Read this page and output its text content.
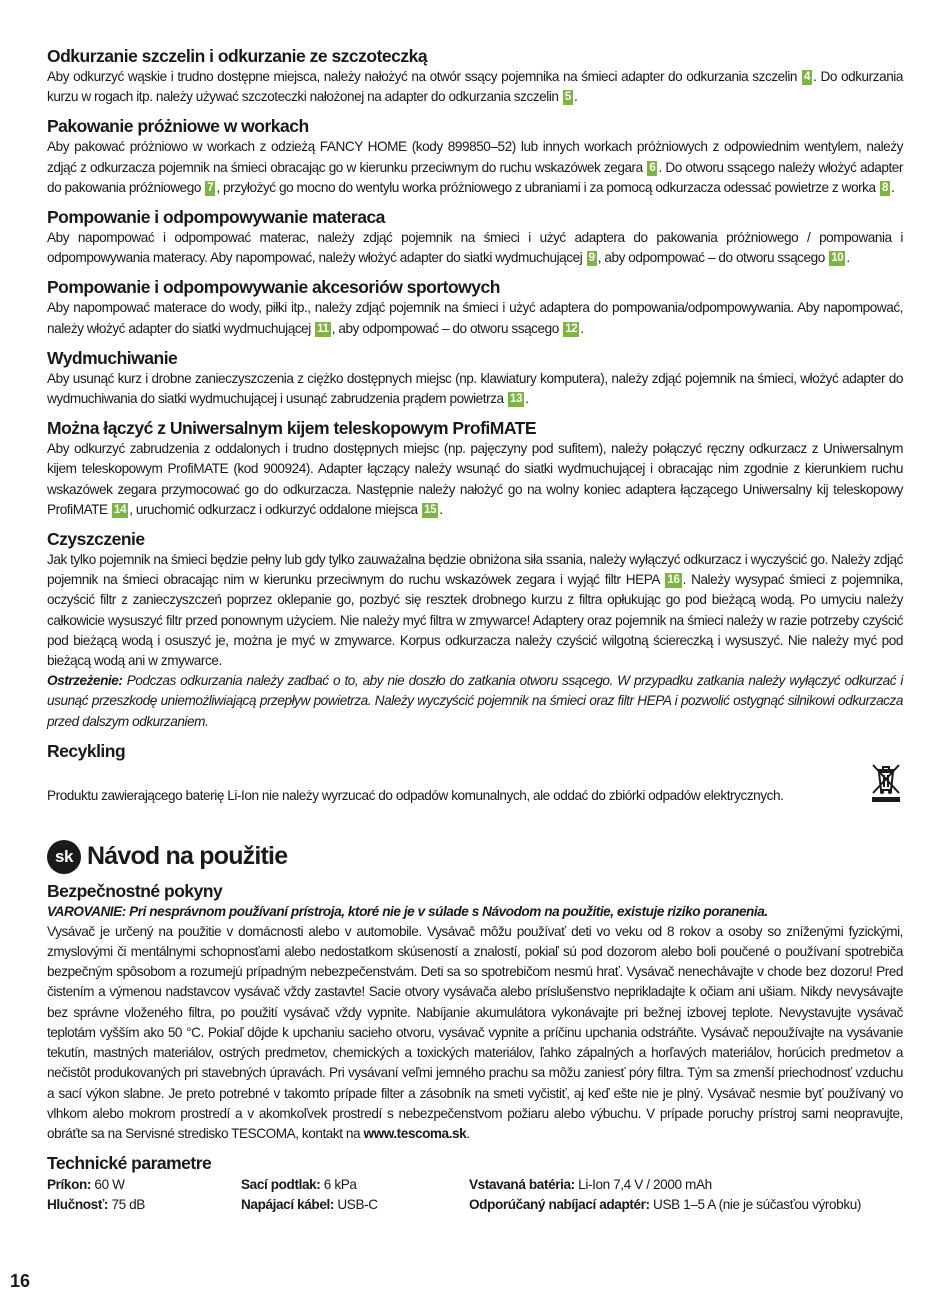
Odkurzanie szczelin i odkurzanie ze szczoteczką

Aby odkurzyć wąskie i trudno dostępne miejsca, należy nałożyć na otwór ssący pojemnika na śmieci adapter do odkurzania szczelin 4 . Do odkurzania kurzu w rogach itp. należy używać szczoteczki nałożonej na adapter do odkurzania szczelin 5 .

Pakowanie próżniowe w workach

Aby pakować próżniowo w workach z odzieżą FANCY HOME (kody 899850–52) lub innych workach próżniowych z odpowiednim wentylem, należy zdjąć z odkurzacza pojemnik na śmieci obracając go w kierunku przeciwnym do ruchu wskazówek zegara 6 . Do otworu ssącego należy włożyć adapter do pakowania próżniowego 7 , przyłożyć go mocno do wentylu worka próżniowego z ubraniami i za pomocą odkurzacza odessać powietrze z worka 8 .

Pompowanie i odpompowywanie materaca

Aby napompować i odpompować materac, należy zdjąć pojemnik na śmieci i użyć adaptera do pakowania próżniowego / pompowania i odpompowywania materacy. Aby napompować, należy włożyć adapter do siatki wydmuchującej 9 , aby odpompować – do otworu ssącego 10 .

Pompowanie i odpompowywanie akcesoriów sportowych

Aby napompować materace do wody, piłki itp., należy zdjąć pojemnik na śmieci i użyć adaptera do pompowania/odpompowywania. Aby napompować, należy włożyć adapter do siatki wydmuchującej 11 , aby odpompować – do otworu ssącego 12 .

Wydmuchiwanie

Aby usunąć kurz i drobne zanieczyszczenia z ciężko dostępnych miejsc (np. klawiatury komputera), należy zdjąć pojemnik na śmieci, włożyć adapter do wydmuchiwania do siatki wydmuchującej i usunąć zabrudzenia prądem powietrza 13 .

Można łączyć z Uniwersalnym kijem teleskopowym ProfiMATE

Aby odkurzyć zabrudzenia z oddalonych i trudno dostępnych miejsc (np. pajęczyny pod sufitem), należy połączyć ręczny odkurzacz z Uniwersalnym kijem teleskopowym ProfiMATE (kod 900924). Adapter łączący należy wsunąć do siatki wydmuchującej i obracając nim zgodnie z kierunkiem ruchu wskazówek zegara przymocować go do odkurzacza. Następnie należy nałożyć go na wolny koniec adaptera łączącego Uniwersalny kij teleskopowy ProfiMATE 14 , uruchomić odkurzacz i odkurzyć oddalone miejsca 15 .

Czyszczenie

Jak tylko pojemnik na śmieci będzie pełny lub gdy tylko zauważalna będzie obniżona siła ssania, należy wyłączyć odkurzacz i wyczyścić go. Należy zdjąć pojemnik na śmieci obracając nim w kierunku przeciwnym do ruchu wskazówek zegara i wyjąć filtr HEPA 16 . Należy wysypać śmieci z pojemnika, oczyścić filtr z zanieczyszczeń poprzez oklepanie go, pozbyć się resztek drobnego kurzu z filtra opłukując go pod bieżącą wodą. Po umyciu należy całkowicie wysuszyć filtr przed ponownym użyciem. Nie należy myć filtra w zmywarce! Adaptery oraz pojemnik na śmieci należy w razie potrzeby czyścić pod bieżącą wodą i osuszyć je, można je myć w zmywarce. Korpus odkurzacza należy czyścić wilgotną ściereczką i wysuszyć. Nie należy myć pod bieżącą wodą ani w zmywarce.
Ostrzeżenie: Podczas odkurzania należy zadbać o to, aby nie doszło do zatkania otworu ssącego. W przypadku zatkania należy wyłączyć odkurzać i usunąć przeszkodę uniemożliwiającą przepływ powietrza. Należy wyczyścić pojemnik na śmieci oraz filtr HEPA i pozwolić ostygnąć silnikowi odkurzacza przed dalszym odkurzaniem.

Recykling

Produktu zawierającego baterię Li-Ion nie należy wyrzucać do odpadów komunalnych, ale oddać do zbiórki odpadów elektrycznych.

sk Návod na použitie
Bezpečnostné pokyny
VAROVANIE: Pri nesprávnom používaní prístroja, ktoré nie je v súlade s Návodom na použitie, existuje riziko poranenia.

Vysávač je určený na použitie v domácnosti alebo v automobile. Vysávač môžu používať deti vo veku od 8 rokov a osoby so zníženými fyzickými, zmyslovými či mentálnymi schopnosťami alebo nedostatkom skúseností a znalostí, pokiaľ sú pod dozorom alebo boli poučené o používaní spotrebiča bezpečným spôsobom a rozumejú prípadným nebezpečenstvám. Deti sa so spotrebičom nesmú hrať. Vysávač nenechávajte v chode bez dozoru! Pred čistením a výmenou nadstavcov vysávač vždy zastavte! Sacie otvory vysávača alebo príslušenstvo neprikladajte k očiam ani ušiam. Nikdy nevysávajte bez správne vloženého filtra, po použití vysávač vždy vypnite. Nabíjanie akumulátora vykonávajte pri bežnej izbovej teplote. Nevystavujte vysávač teplotám vyšším ako 50 °C. Pokiaľ dôjde k upchaniu sacieho otvoru, vysávač vypnite a príčinu upchania odstráňte. Vysávač nepoužívajte na vysávanie tekutín, mastných materiálov, ostrých predmetov, chemických a toxických materiálov, ľahko zápalných a horľavých materiálov, horúcich predmetov a nečistôt produkovaných pri stavebných úpravách. Pri vysávaní veľmi jemného prachu sa môžu zaniesť póry filtra. Tým sa zmenší priechodnosť vzduchu a sací výkon slabne. Je preto potrebné v takomto prípade filter a zásobník na smeti vyčistiť, aj keď ešte nie je plný. Vysávač nesmie byť používaný vo vlhkom alebo mokrom prostredí a v akomkoľvek prostredí s nebezpečenstvom požiaru alebo výbuchu. V prípade poruchy prístroj sami neopravujte, obráťte sa na Servisné stredisko TESCOMA, kontakt na www.tescoma.sk.

Technické parametre
Príkon: 60 W	Sací podtlak: 6 kPa	Vstavaná batéria: Li-Ion 7,4 V / 2000 mAh
Hlučnosť: 75 dB	Napájací kábel: USB-C	Odporúčaný nabíjací adaptér: USB 1–5 A (nie je súčasťou výrobku)
16
